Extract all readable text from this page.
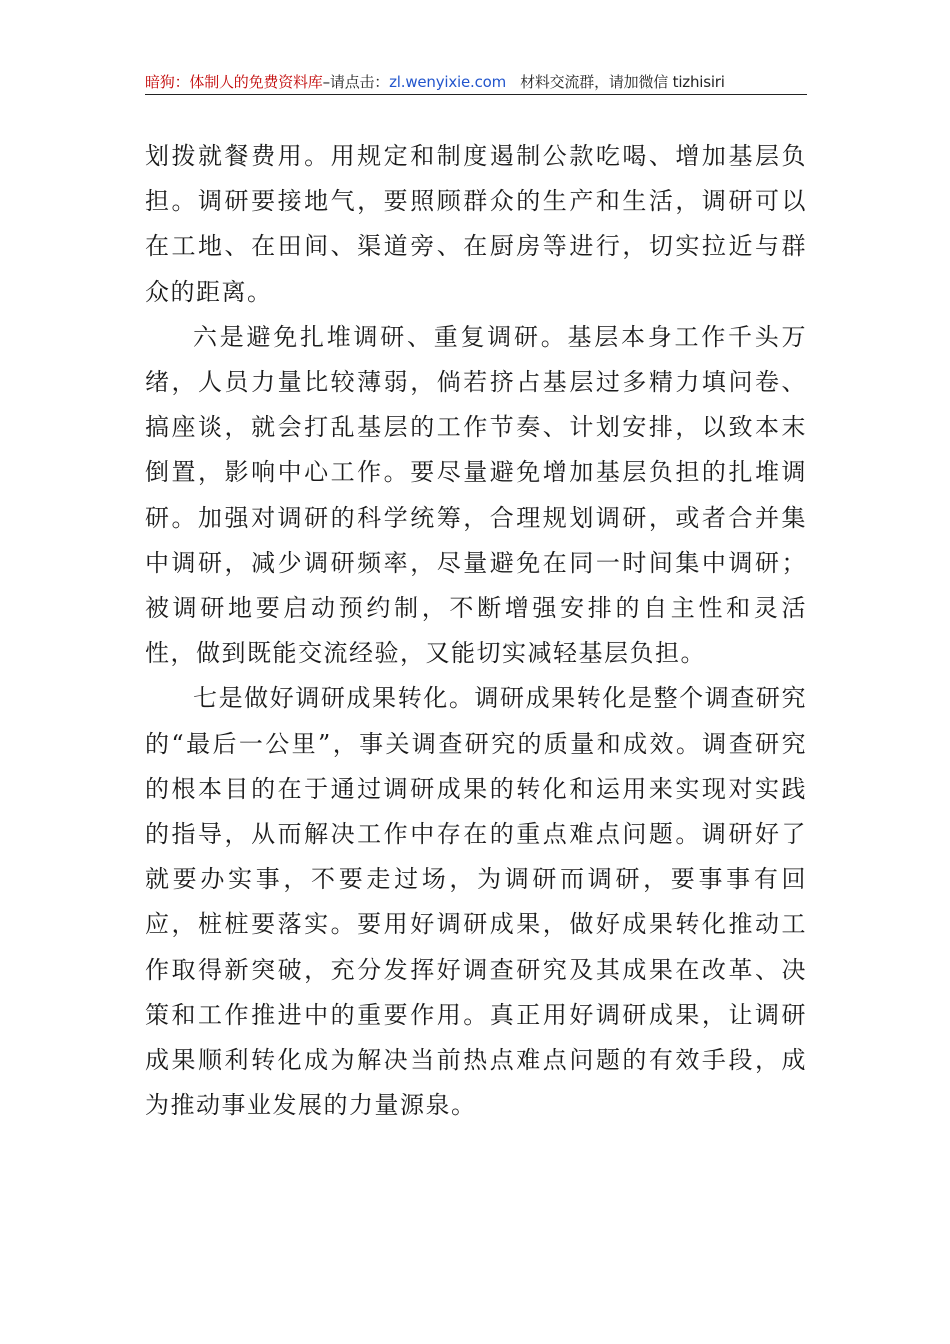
暗狗：体制人的免费资料库–请点击：zl.wenyixie.com 材料交流群，请加微信 tizhisiri

划拨就餐费用。用规定和制度遏制公款吃喝、增加基层负担。调研要接地气，要照顾群众的生产和生活，调研可以在工地、在田间、渠道旁、在厨房等进行，切实拉近与群众的距离。

六是避免扎堆调研、重复调研。基层本身工作千头万绪，人员力量比较薄弱，倘若挤占基层过多精力填问卷、搞座谈，就会打乱基层的工作节奏、计划安排，以致本末倒置，影响中心工作。要尽量避免增加基层负担的扎堆调研。加强对调研的科学统筹，合理规划调研，或者合并集中调研，减少调研频率，尽量避免在同一时间集中调研；被调研地要启动预约制，不断增强安排的自主性和灵活性，做到既能交流经验，又能切实减轻基层负担。

七是做好调研成果转化。调研成果转化是整个调查研究的“最后一公里”，事关调查研究的质量和成效。调查研究的根本目的在于通过调研成果的转化和运用来实现对实践的指导，从而解决工作中存在的重点难点问题。调研好了就要办实事，不要走过场，为调研而调研，要事事有回应，桩桩要落实。要用好调研成果，做好成果转化推动工作取得新突破，充分发挥好调查研究及其成果在改革、决策和工作推进中的重要作用。真正用好调研成果，让调研成果顺利转化成为解决当前热点难点问题的有效手段，成为推动事业发展的力量源泉。
